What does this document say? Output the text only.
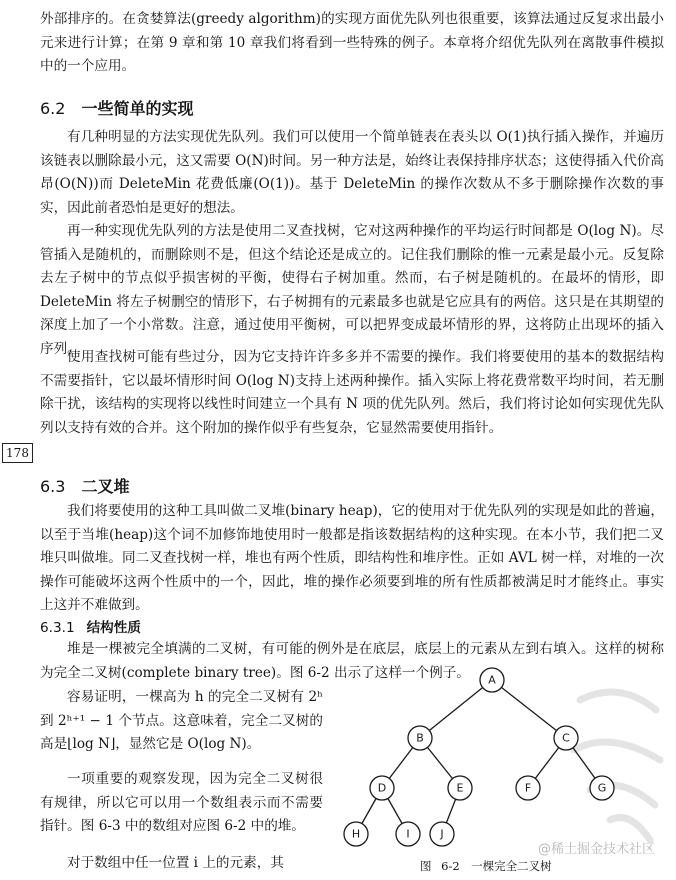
外部排序的。在贪婪算法(greedy algorithm)的实现方面优先队列也很重要，该算法通过反复求出最小元来进行计算；在第 9 章和第 10 章我们将看到一些特殊的例子。本章将介绍优先队列在离散事件模拟中的一个应用。

6.2 一些简单的实现

有几种明显的方法实现优先队列。我们可以使用一个简单链表在表头以 O(1)执行插入操作，并遍历该链表以删除最小元，这又需要 O(N)时间。另一种方法是，始终让表保持排序状态；这使得插入代价高昂(O(N))而 DeleteMin 花费低廉(O(1))。基于 DeleteMin 的操作次数从不多于删除操作次数的事实，因此前者恐怕是更好的想法。

再一种实现优先队列的方法是使用二叉查找树，它对这两种操作的平均运行时间都是 O(log N)。尽管插入是随机的，而删除则不是，但这个结论还是成立的。记住我们删除的惟一元素是最小元。反复除去左子树中的节点似乎损害树的平衡，使得右子树加重。然而，右子树是随机的。在最坏的情形，即 DeleteMin 将左子树删空的情形下，右子树拥有的元素最多也就是它应具有的两倍。这只是在其期望的深度上加了一个小常数。注意，通过使用平衡树，可以把界变成最坏情形的界，这将防止出现坏的插入序列。

使用查找树可能有些过分，因为它支持许许多多并不需要的操作。我们将要使用的基本的数据结构不需要指针，它以最坏情形时间 O(log N)支持上述两种操作。插入实际上将花费常数平均时间，若无删除干扰，该结构的实现将以线性时间建立一个具有 N 项的优先队列。然后，我们将讨论如何实现优先队列以支持有效的合并。这个附加的操作似乎有些复杂，它显然需要使用指针。

178
6.3 二叉堆

我们将要使用的这种工具叫做二叉堆(binary heap)，它的使用对于优先队列的实现是如此的普遍，以至于当堆(heap)这个词不加修饰地使用时一般都是指该数据结构的这种实现。在本小节，我们把二叉堆只叫做堆。同二叉查找树一样，堆也有两个性质，即结构性和堆序性。正如 AVL 树一样，对堆的一次操作可能破坏这两个性质中的一个，因此，堆的操作必须要到堆的所有性质都被满足时才能终止。事实上这并不难做到。

6.3.1 结构性质

堆是一棵被完全填满的二叉树，有可能的例外是在底层，底层上的元素从左到右填入。这样的树称为完全二叉树(complete binary tree)。图 6-2 出示了这样一个例子。

容易证明，一棵高为 h 的完全二叉树有 2ʰ 到 2ʰ⁺¹ − 1 个节点。这意味着，完全二叉树的高是⌊log N⌋，显然它是 O(log N)。

一项重要的观察发现，因为完全二叉树很有规律，所以它可以用一个数组表示而不需要指针。图 6-3 中的数组对应图 6-2 中的堆。

对于数组中任一位置 i 上的元素，其

A
B	C
D	E	F	G
H	I	J
图 6-2　一棵完全二叉树
@稀土掘金技术社区
